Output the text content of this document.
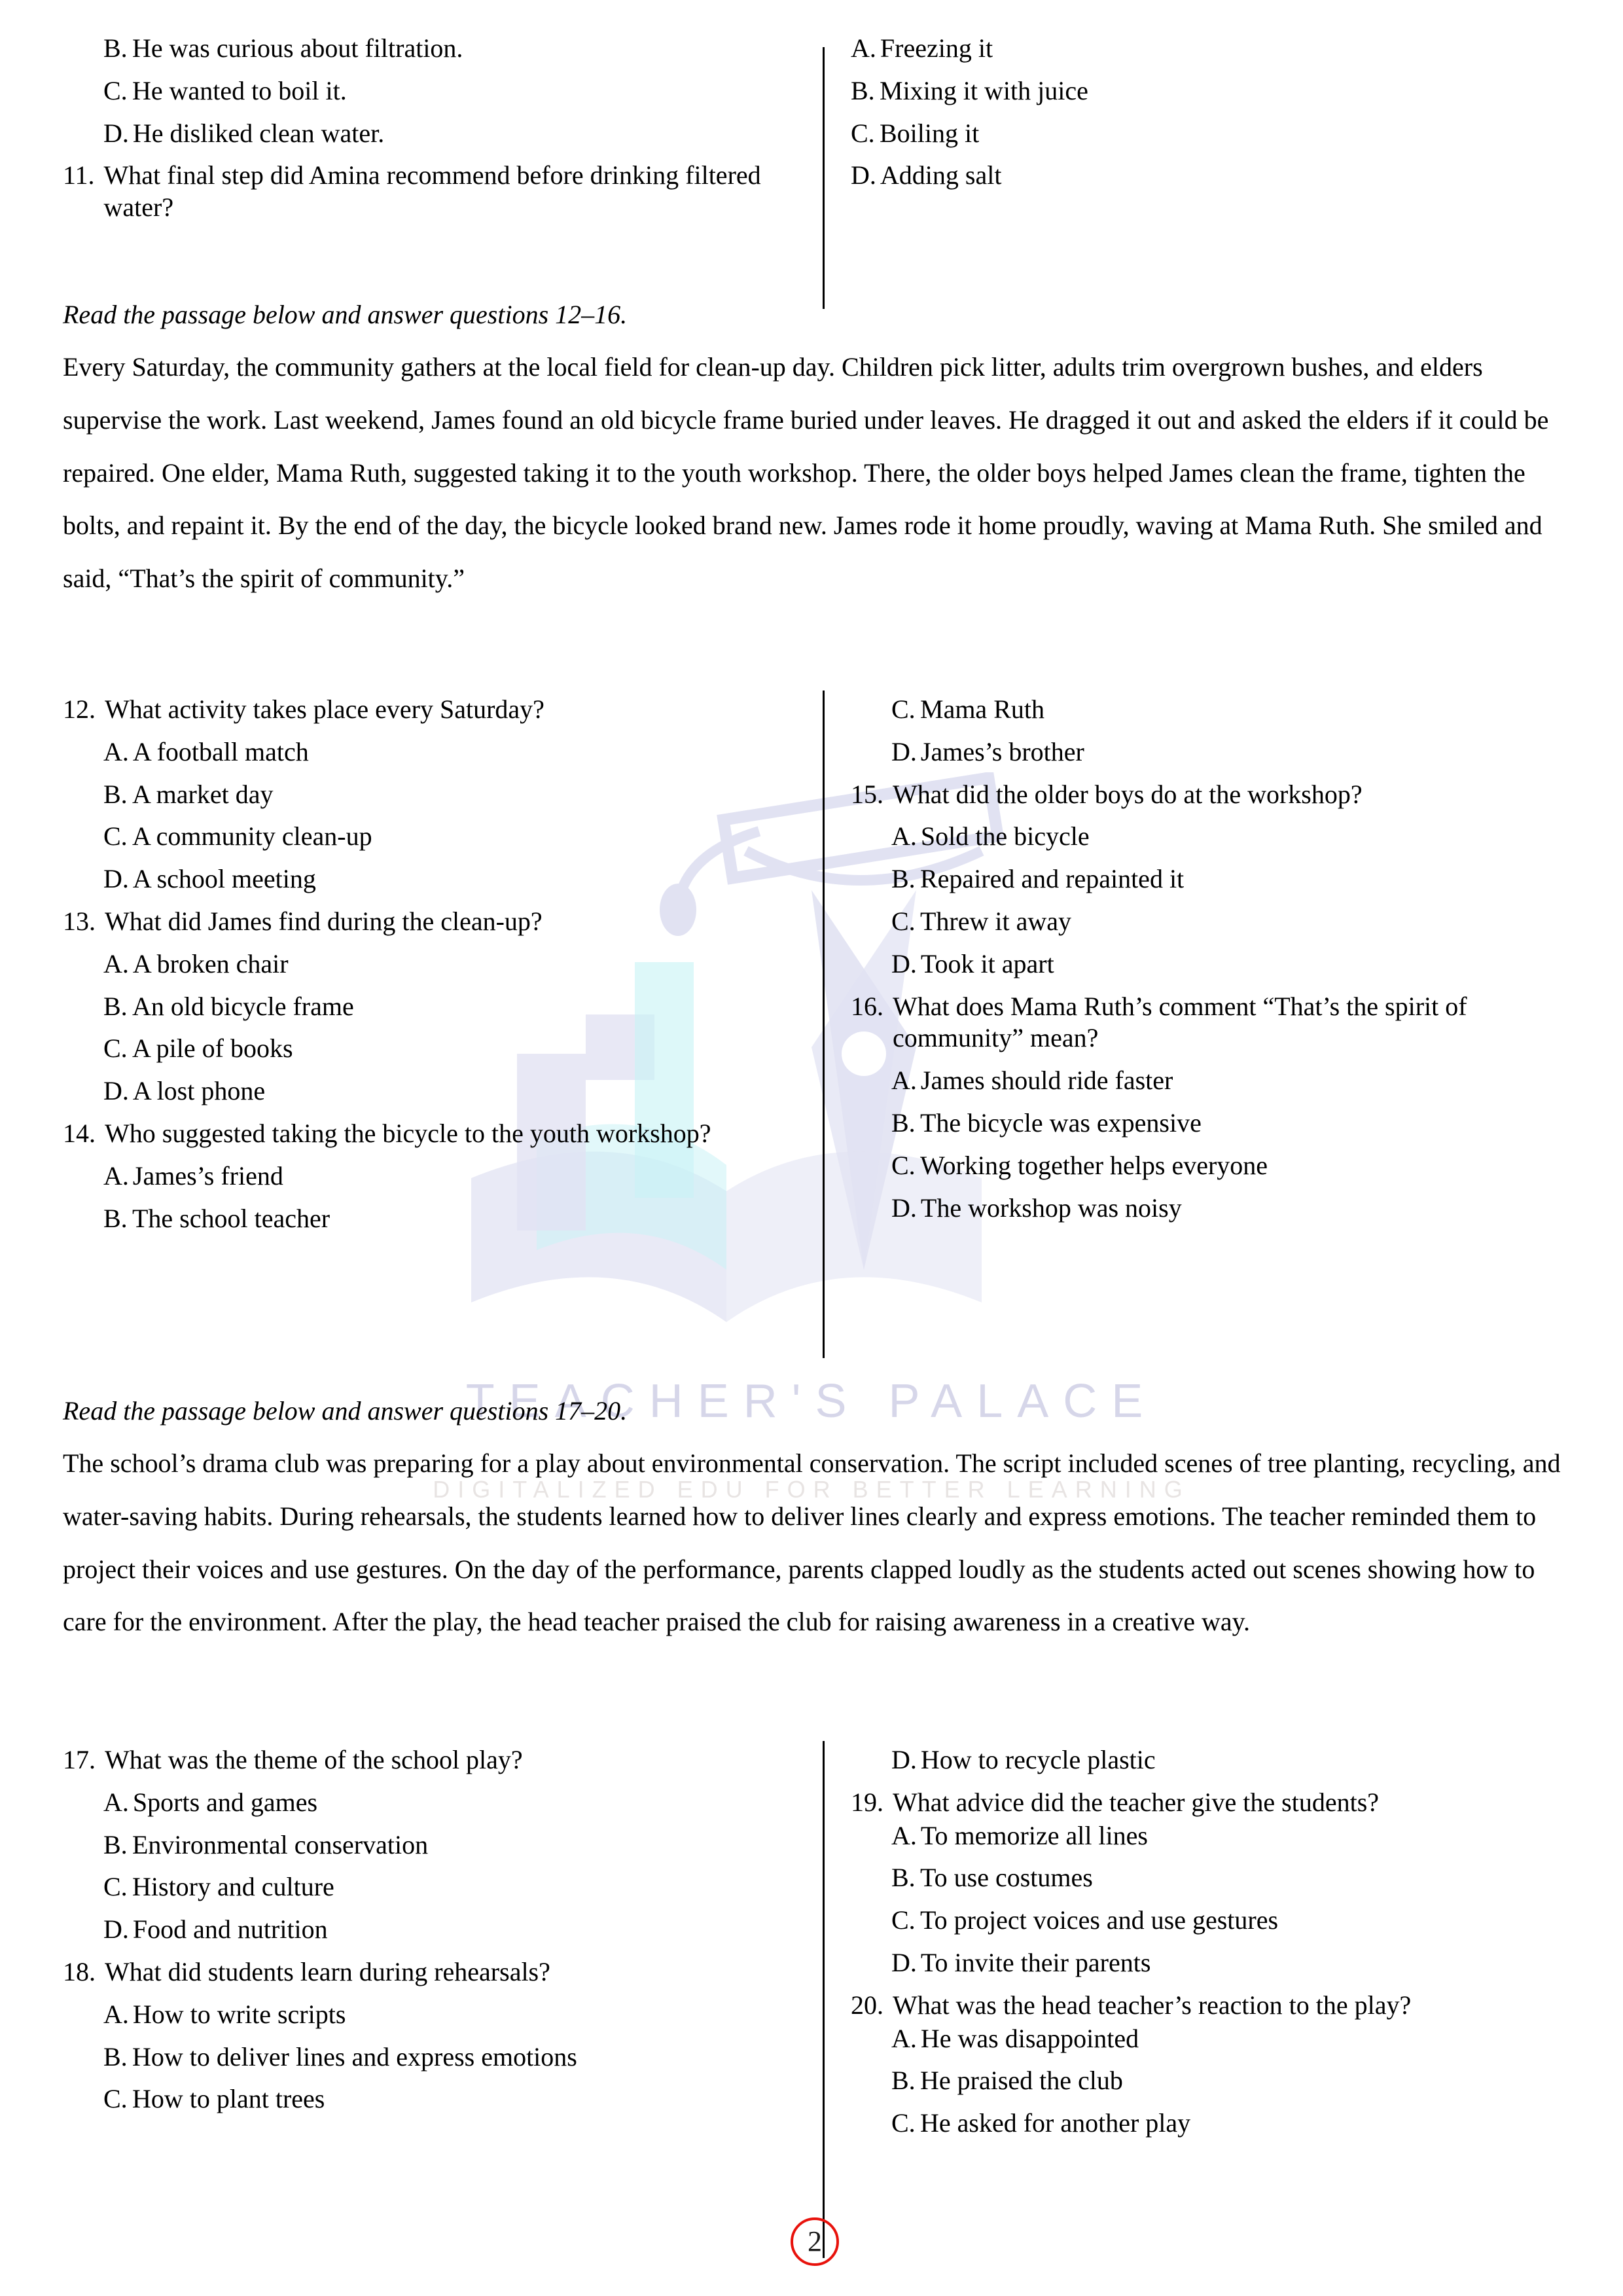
TEACHER'S PALACE
DIGITALIZED EDU FOR BETTER LEARNING
B. He was curious about filtration.
C. He wanted to boil it.
D. He disliked clean water.
11. What final step did Amina recommend before drinking filtered water?
A. Freezing it
B. Mixing it with juice
C. Boiling it
D. Adding salt
Read the passage below and answer questions 12–16.
Every Saturday, the community gathers at the local field for clean-up day. Children pick litter, adults trim overgrown bushes, and elders supervise the work. Last weekend, James found an old bicycle frame buried under leaves. He dragged it out and asked the elders if it could be repaired. One elder, Mama Ruth, suggested taking it to the youth workshop. There, the older boys helped James clean the frame, tighten the bolts, and repaint it. By the end of the day, the bicycle looked brand new. James rode it home proudly, waving at Mama Ruth. She smiled and said, “That’s the spirit of community.”
12. What activity takes place every Saturday?
A. A football match
B. A market day
C. A community clean-up
D. A school meeting
13. What did James find during the clean-up?
A. A broken chair
B. An old bicycle frame
C. A pile of books
D. A lost phone
14. Who suggested taking the bicycle to the youth workshop?
A. James’s friend
B. The school teacher
C. Mama Ruth
D. James’s brother
15. What did the older boys do at the workshop?
A. Sold the bicycle
B. Repaired and repainted it
C. Threw it away
D. Took it apart
16. What does Mama Ruth’s comment “That’s the spirit of community” mean?
A. James should ride faster
B. The bicycle was expensive
C. Working together helps everyone
D. The workshop was noisy
Read the passage below and answer questions 17–20.
The school’s drama club was preparing for a play about environmental conservation. The script included scenes of tree planting, recycling, and water-saving habits. During rehearsals, the students learned how to deliver lines clearly and express emotions. The teacher reminded them to project their voices and use gestures. On the day of the performance, parents clapped loudly as the students acted out scenes showing how to care for the environment. After the play, the head teacher praised the club for raising awareness in a creative way.
17. What was the theme of the school play?
A. Sports and games
B. Environmental conservation
C. History and culture
D. Food and nutrition
18. What did students learn during rehearsals?
A. How to write scripts
B. How to deliver lines and express emotions
C. How to plant trees
D. How to recycle plastic
19. What advice did the teacher give the students?
A. To memorize all lines
B. To use costumes
C. To project voices and use gestures
D. To invite their parents
20. What was the head teacher’s reaction to the play?
A. He was disappointed
B. He praised the club
C. He asked for another play
2
